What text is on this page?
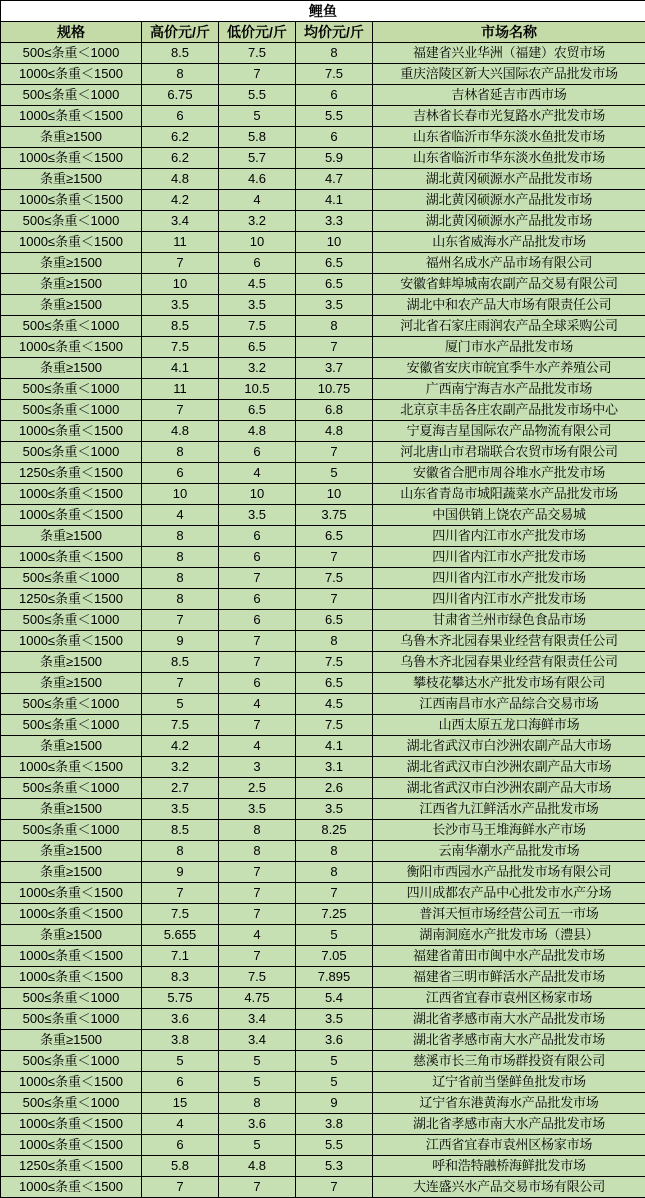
鲤鱼				
规格	高价元/斤	低价元/斤	均价元/斤	市场名称
500≤条重＜1000	8.5	7.5	8	福建省兴业华洲（福建）农贸市场
1000≤条重＜1500	8	7	7.5	重庆涪陵区新大兴国际农产品批发市场
500≤条重＜1000	6.75	5.5	6	吉林省延吉市西市场
1000≤条重＜1500	6	5	5.5	吉林省长春市光复路水产批发市场
条重≥1500	6.2	5.8	6	山东省临沂市华东淡水鱼批发市场
1000≤条重＜1500	6.2	5.7	5.9	山东省临沂市华东淡水鱼批发市场
条重≥1500	4.8	4.6	4.7	湖北黄冈硕源水产品批发市场
1000≤条重＜1500	4.2	4	4.1	湖北黄冈硕源水产品批发市场
500≤条重＜1000	3.4	3.2	3.3	湖北黄冈硕源水产品批发市场
1000≤条重＜1500	11	10	10	山东省威海水产品批发市场
条重≥1500	7	6	6.5	福州名成水产品市场有限公司
条重≥1500	10	4.5	6.5	安徽省蚌埠城南农副产品交易有限公司
条重≥1500	3.5	3.5	3.5	湖北中和农产品大市场有限责任公司
500≤条重＜1000	8.5	7.5	8	河北省石家庄雨润农产品全球采购公司
1000≤条重＜1500	7.5	6.5	7	厦门市水产品批发市场
条重≥1500	4.1	3.2	3.7	安徽省安庆市皖宜季牛水产养殖公司
500≤条重＜1000	11	10.5	10.75	广西南宁海吉水产品批发市场
500≤条重＜1000	7	6.5	6.8	北京京丰岳各庄农副产品批发市场中心
1000≤条重＜1500	4.8	4.8	4.8	宁夏海吉星国际农产品物流有限公司
500≤条重＜1000	8	6	7	河北唐山市君瑞联合农贸市场有限公司
1250≤条重＜1500	6	4	5	安徽省合肥市周谷堆水产批发市场
1000≤条重＜1500	10	10	10	山东省青岛市城阳蔬菜水产品批发市场
1000≤条重＜1500	4	3.5	3.75	中国供销上饶农产品交易城
条重≥1500	8	6	6.5	四川省内江市水产批发市场
1000≤条重＜1500	8	6	7	四川省内江市水产批发市场
500≤条重＜1000	8	7	7.5	四川省内江市水产批发市场
1250≤条重＜1500	8	6	7	四川省内江市水产批发市场
500≤条重＜1000	7	6	6.5	甘肃省兰州市绿色食品市场
1000≤条重＜1500	9	7	8	乌鲁木齐北园春果业经营有限责任公司
条重≥1500	8.5	7	7.5	乌鲁木齐北园春果业经营有限责任公司
条重≥1500	7	6	6.5	攀枝花攀达水产批发市场有限公司
500≤条重＜1000	5	4	4.5	江西南昌市水产品综合交易市场
500≤条重＜1000	7.5	7	7.5	山西太原五龙口海鲜市场
条重≥1500	4.2	4	4.1	湖北省武汉市白沙洲农副产品大市场
1000≤条重＜1500	3.2	3	3.1	湖北省武汉市白沙洲农副产品大市场
500≤条重＜1000	2.7	2.5	2.6	湖北省武汉市白沙洲农副产品大市场
条重≥1500	3.5	3.5	3.5	江西省九江鲜活水产品批发市场
500≤条重＜1000	8.5	8	8.25	长沙市马王堆海鲜水产市场
条重≥1500	8	8	8	云南华潮水产品批发市场
条重≥1500	9	7	8	衡阳市西园水产品批发市场有限公司
1000≤条重＜1500	7	7	7	四川成都农产品中心批发市水产分场
1000≤条重＜1500	7.5	7	7.25	普洱天恒市场经营公司五一市场
条重≥1500	5.655	4	5	湖南洞庭水产批发市场（澧县）
1000≤条重＜1500	7.1	7	7.05	福建省莆田市闽中水产品批发市场
1000≤条重＜1500	8.3	7.5	7.895	福建省三明市鲜活水产品批发市场
500≤条重＜1000	5.75	4.75	5.4	江西省宜春市袁州区杨家市场
500≤条重＜1000	3.6	3.4	3.5	湖北省孝感市南大水产品批发市场
条重≥1500	3.8	3.4	3.6	湖北省孝感市南大水产品批发市场
500≤条重＜1000	5	5	5	慈溪市长三角市场群投资有限公司
1000≤条重＜1500	6	5	5	辽宁省前当堡鲜鱼批发市场
500≤条重＜1000	15	8	9	辽宁省东港黄海水产品批发市场
1000≤条重＜1500	4	3.6	3.8	湖北省孝感市南大水产品批发市场
1000≤条重＜1500	6	5	5.5	江西省宜春市袁州区杨家市场
1250≤条重＜1500	5.8	4.8	5.3	呼和浩特融桥海鲜批发市场
1000≤条重＜1500	7	7	7	大连盛兴水产品交易市场有限公司
